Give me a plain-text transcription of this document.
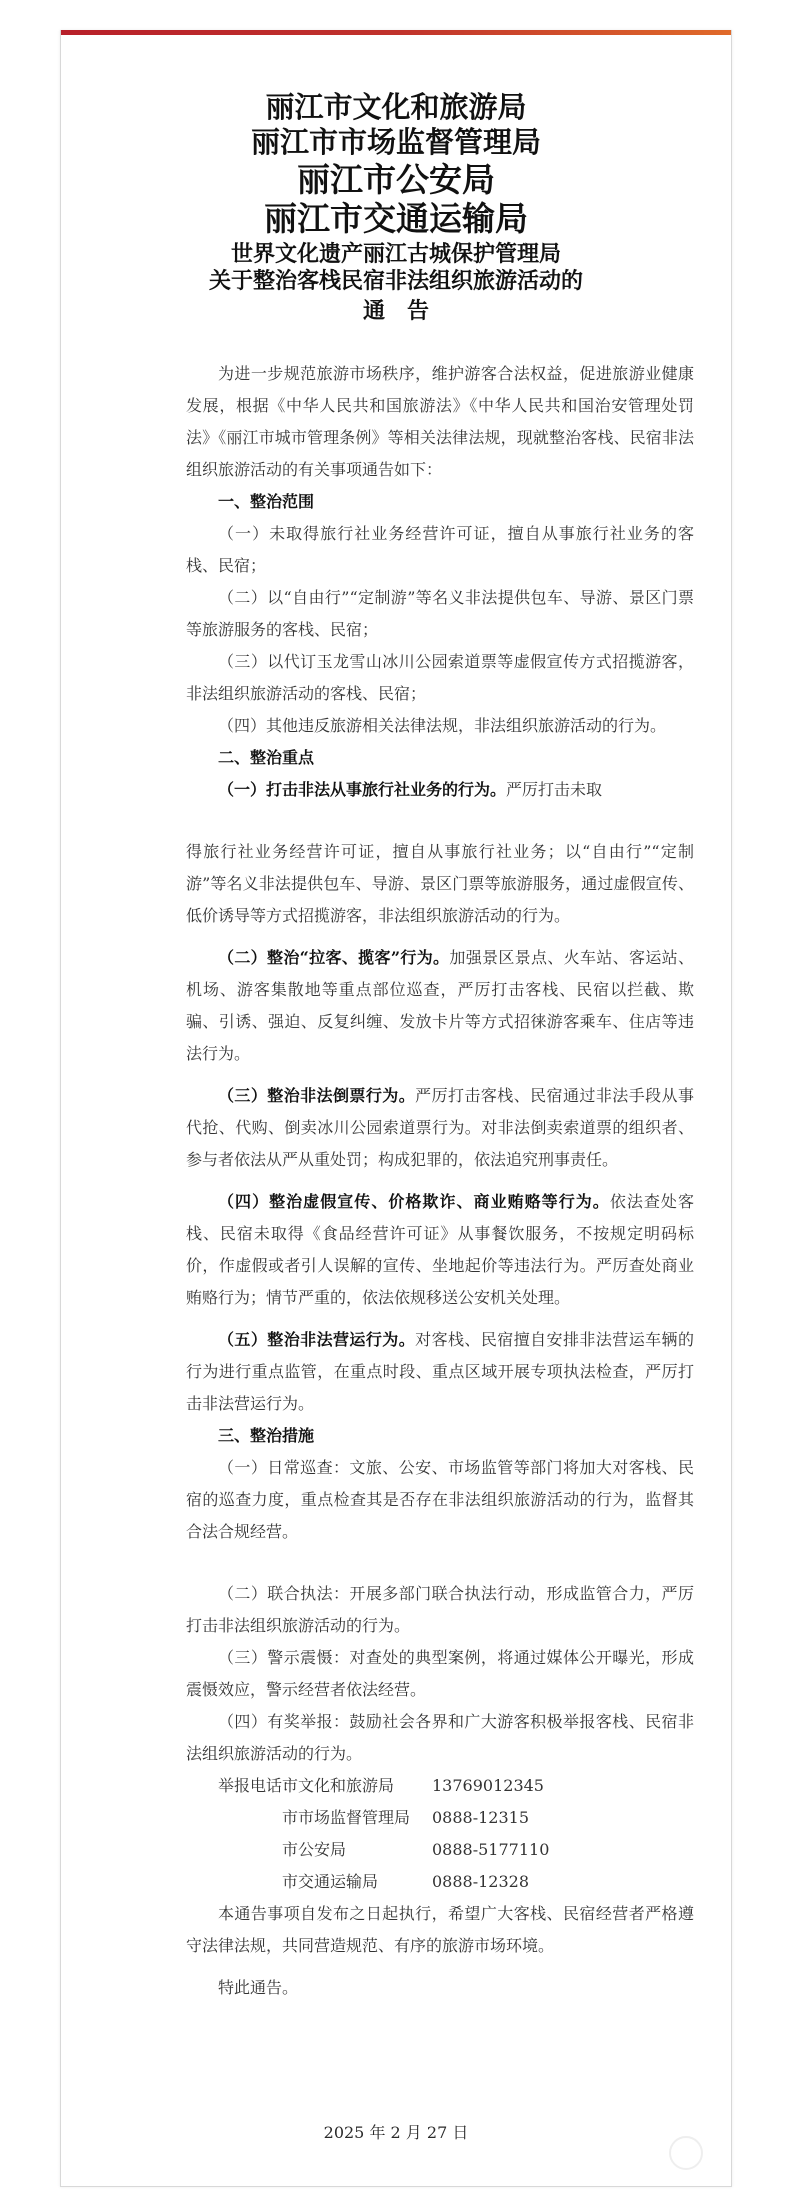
丽江市文化和旅游局
丽江市市场监督管理局
丽江市公安局
丽江市交通运输局
世界文化遗产丽江古城保护管理局
关于整治客栈民宿非法组织旅游活动的
通告

为进一步规范旅游市场秩序，维护游客合法权益，促进旅游业健康发展，根据《中华人民共和国旅游法》《中华人民共和国治安管理处罚法》《丽江市城市管理条例》等相关法律法规，现就整治客栈、民宿非法组织旅游活动的有关事项通告如下：

一、整治范围

（一）未取得旅行社业务经营许可证，擅自从事旅行社业务的客栈、民宿；

（二）以“自由行”“定制游”等名义非法提供包车、导游、景区门票等旅游服务的客栈、民宿；

（三）以代订玉龙雪山冰川公园索道票等虚假宣传方式招揽游客，非法组织旅游活动的客栈、民宿；

（四）其他违反旅游相关法律法规，非法组织旅游活动的行为。

二、整治重点

（一）打击非法从事旅行社业务的行为。严厉打击未取

得旅行社业务经营许可证，擅自从事旅行社业务；以“自由行”“定制游”等名义非法提供包车、导游、景区门票等旅游服务，通过虚假宣传、低价诱导等方式招揽游客，非法组织旅游活动的行为。

（二）整治“拉客、揽客”行为。加强景区景点、火车站、客运站、机场、游客集散地等重点部位巡查，严厉打击客栈、民宿以拦截、欺骗、引诱、强迫、反复纠缠、发放卡片等方式招徕游客乘车、住店等违法行为。

（三）整治非法倒票行为。严厉打击客栈、民宿通过非法手段从事代抢、代购、倒卖冰川公园索道票行为。对非法倒卖索道票的组织者、参与者依法从严从重处罚；构成犯罪的，依法追究刑事责任。

（四）整治虚假宣传、价格欺诈、商业贿赂等行为。依法查处客栈、民宿未取得《食品经营许可证》从事餐饮服务，不按规定明码标价，作虚假或者引人误解的宣传、坐地起价等违法行为。严厉查处商业贿赂行为；情节严重的，依法依规移送公安机关处理。

（五）整治非法营运行为。对客栈、民宿擅自安排非法营运车辆的行为进行重点监管，在重点时段、重点区域开展专项执法检查，严厉打击非法营运行为。

三、整治措施

（一）日常巡查：文旅、公安、市场监管等部门将加大对客栈、民宿的巡查力度，重点检查其是否存在非法组织旅游活动的行为，监督其合法合规经营。

（二）联合执法：开展多部门联合执法行动，形成监管合力，严厉打击非法组织旅游活动的行为。

（三）警示震慑：对查处的典型案例，将通过媒体公开曝光，形成震慑效应，警示经营者依法经营。

（四）有奖举报：鼓励社会各界和广大游客积极举报客栈、民宿非法组织旅游活动的行为。

举报电话：
市文化和旅游局	13769012345
市市场监督管理局	0888-12315
市公安局	0888-5177110
市交通运输局	0888-12328

本通告事项自发布之日起执行，希望广大客栈、民宿经营者严格遵守法律法规，共同营造规范、有序的旅游市场环境。

特此通告。

2025 年 2 月 27 日
